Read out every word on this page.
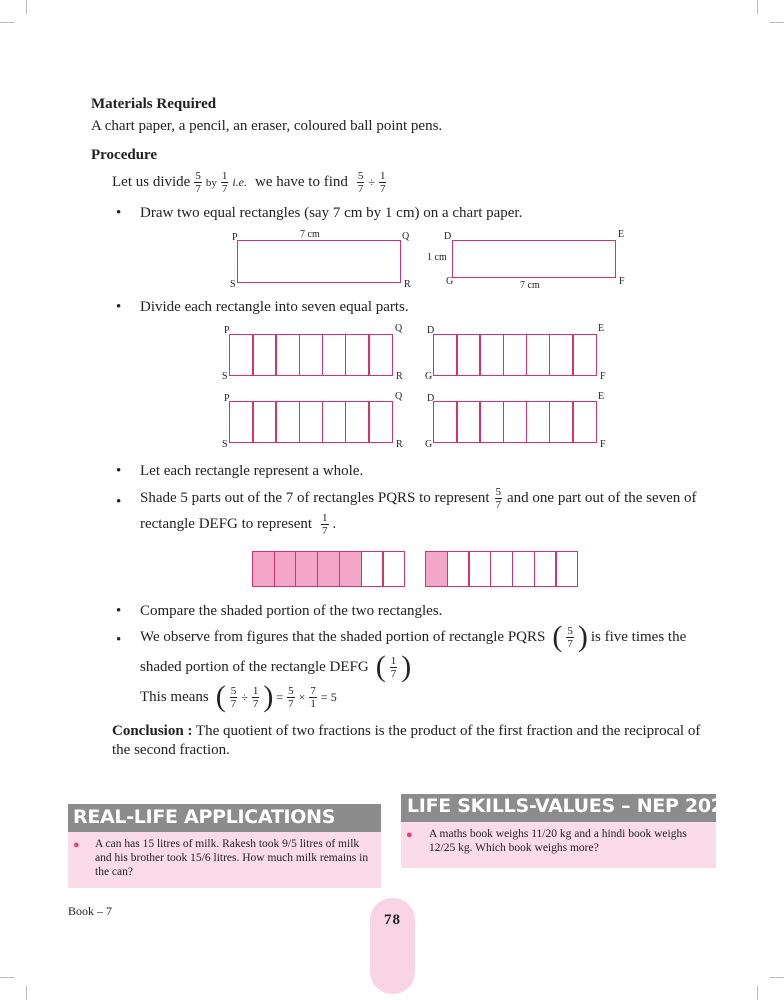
Materials Required
A chart paper, a pencil, an eraser, coloured ball point pens.
Procedure
Let us divide $\frac{5}{7}$ by $\frac{1}{7} i.e$. we have to find $\frac{5}{7} \div \frac{1}{7}$
• Draw two equal rectangles (say 7 cm by 1 cm) on a chart paper.
P	7 cm	Q
S	R
D
1 cm
E
G	7 cm	F
• Divide each rectangle into seven equal parts.
P	Q
S	R
D	E
G	F
P	Q
S	R
D	E
G	F
• Let each rectangle represent a whole.
• Shade 5 parts out of the 7 of rectangles PQRS to represent $\frac{5}{7}$ and one part out of the seven of
rectangle DEFG to represent $\frac{1}{7}$ .
• Compare the shaded portion of the two rectangles.
• We observe from figures that the shaded portion of rectangle PQRS ( $\frac{5}{7}$ ) is five times the
shaded portion of the rectangle DEFG ( $\frac{1}{7}$ )
This means ( $\frac{5}{7} \div \frac{1}{7}$ ) = $\frac{5}{7} \times \frac{7}{1} = 5$
Conclusion : The quotient of two fractions is the product of the first fraction and the reciprocal of the second fraction.
REAL-LIFE APPLICATIONS
● A can has 15 litres of milk. Rakesh took 9/5 litres of milk and his brother took 15/6 litres. How much milk remains in the can?
LIFE SKILLS-VALUES – NEP 2020
● A maths book weighs 11/20 kg and a hindi book weighs 12/25 kg. Which book weighs more?
Book – 7
78
